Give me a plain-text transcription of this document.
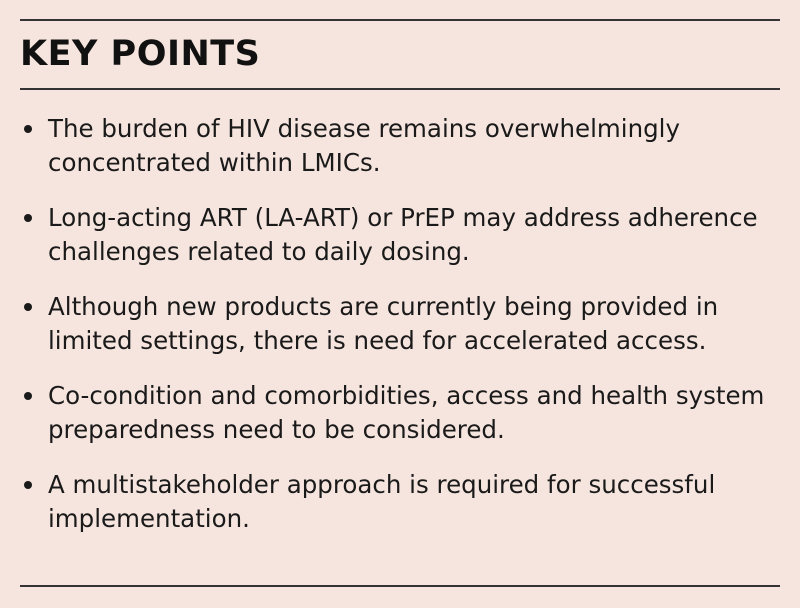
KEY POINTS
The burden of HIV disease remains overwhelmingly concentrated within LMICs.
Long-acting ART (LA-ART) or PrEP may address adherence challenges related to daily dosing.
Although new products are currently being provided in limited settings, there is need for accelerated access.
Co-condition and comorbidities, access and health system preparedness need to be considered.
A multistakeholder approach is required for successful implementation.
